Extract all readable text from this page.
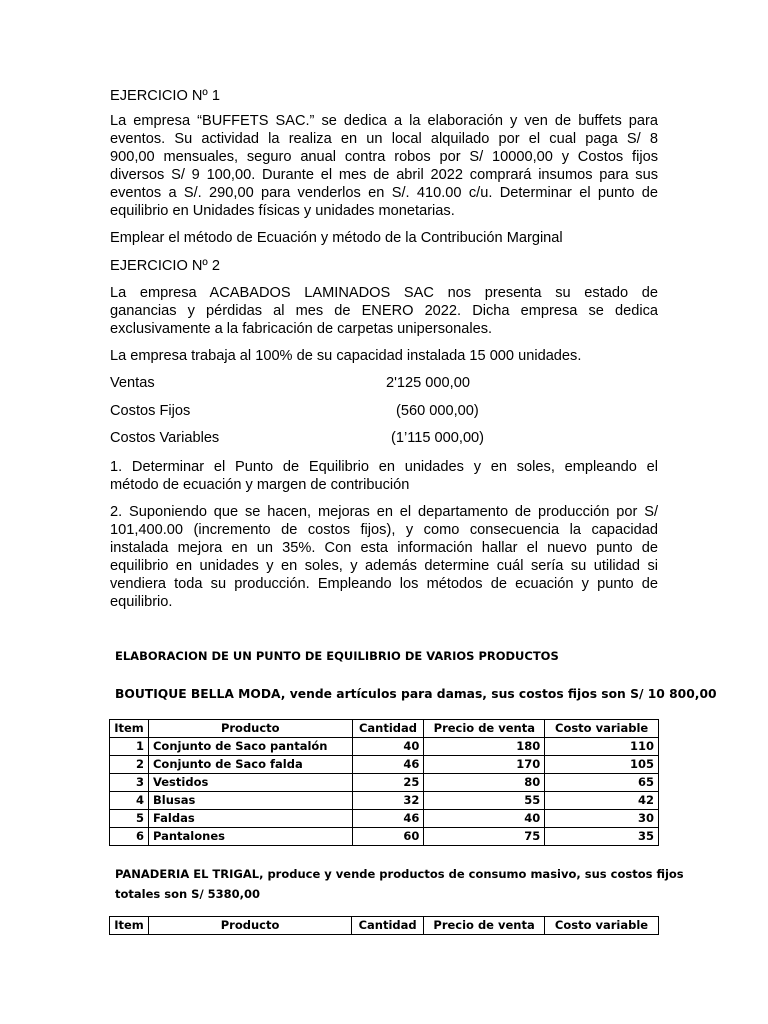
EJERCICIO Nº 1
La empresa “BUFFETS SAC.” se dedica a la elaboración y ven de buffets para
eventos. Su actividad la realiza en un local alquilado por el cual paga S/ 8
900,00 mensuales, seguro anual contra robos por S/ 10000,00 y Costos fijos
diversos S/ 9 100,00. Durante el mes de abril 2022 comprará insumos para sus
eventos a S/. 290,00 para venderlos en S/. 410.00 c/u. Determinar el punto de
equilibrio en Unidades físicas y unidades monetarias.
Emplear el método de Ecuación y método de la Contribución Marginal
EJERCICIO Nº 2
La empresa ACABADOS LAMINADOS SAC nos presenta su estado de
ganancias y pérdidas al mes de ENERO 2022. Dicha empresa se dedica
exclusivamente a la fabricación de carpetas unipersonales.
La empresa trabaja al 100% de su capacidad instalada 15 000 unidades.
Ventas	2'125 000,00
Costos Fijos	(560 000,00)
Costos Variables	(1’115 000,00)
1. Determinar el Punto de Equilibrio en unidades y en soles, empleando el
método de ecuación y margen de contribución
2. Suponiendo que se hacen, mejoras en el departamento de producción por S/
101,400.00 (incremento de costos fijos), y como consecuencia la capacidad
instalada mejora en un 35%. Con esta información hallar el nuevo punto de
equilibrio en unidades y en soles, y además determine cuál sería su utilidad si
vendiera toda su producción. Empleando los métodos de ecuación y punto de
equilibrio.
ELABORACION DE UN PUNTO DE EQUILIBRIO DE VARIOS PRODUCTOS
BOUTIQUE BELLA MODA, vende artículos para damas, sus costos fijos son S/ 10 800,00
Item	Producto	Cantidad	Precio de venta	Costo variable
1	Conjunto de Saco pantalón	40	180	110
2	Conjunto de Saco falda	46	170	105
3	Vestidos	25	80	65
4	Blusas	32	55	42
5	Faldas	46	40	30
6	Pantalones	60	75	35
PANADERIA EL TRIGAL, produce y vende productos de consumo masivo, sus costos fijos
totales son S/ 5380,00
Item	Producto	Cantidad	Precio de venta	Costo variable
